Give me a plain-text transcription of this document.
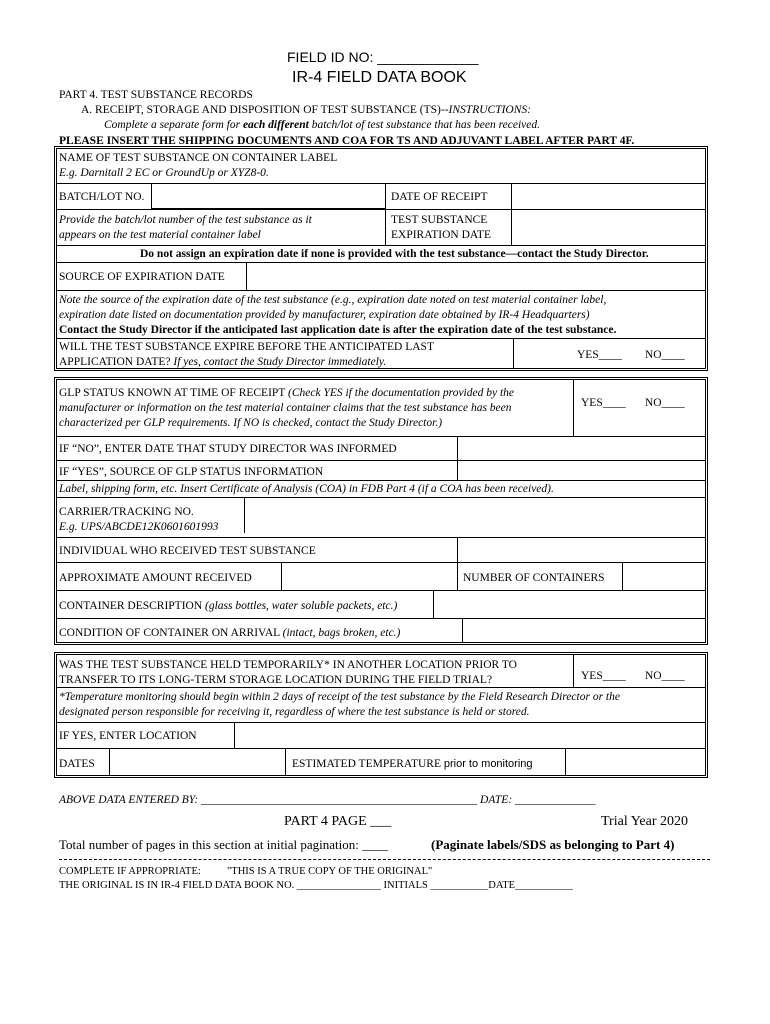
FIELD ID NO: _____________
IR-4 FIELD DATA BOOK
PART 4. TEST SUBSTANCE RECORDS
A. RECEIPT, STORAGE AND DISPOSITION OF TEST SUBSTANCE (TS)--INSTRUCTIONS:
Complete a separate form for each different batch/lot of test substance that has been received.
PLEASE INSERT THE SHIPPING DOCUMENTS AND COA FOR TS AND ADJUVANT LABEL AFTER PART 4F.
NAME OF TEST SUBSTANCE ON CONTAINER LABEL
E.g. Darnitall 2 EC or GroundUp or XYZ8-0.
BATCH/LOT NO.	DATE OF RECEIPT
Provide the batch/lot number of the test substance as it
appears on the test material container label
TEST SUBSTANCE
EXPIRATION DATE
Do not assign an expiration date if none is provided with the test substance—contact the Study Director.
SOURCE OF EXPIRATION DATE
Note the source of the expiration date of the test substance (e.g., expiration date noted on test material container label,
expiration date listed on documentation provided by manufacturer, expiration date obtained by IR-4 Headquarters)
Contact the Study Director if the anticipated last application date is after the expiration date of the test substance.
WILL THE TEST SUBSTANCE EXPIRE BEFORE THE ANTICIPATED LAST
APPLICATION DATE? If yes, contact the Study Director immediately.
YES____ NO____
GLP STATUS KNOWN AT TIME OF RECEIPT (Check YES if the documentation provided by the
manufacturer or information on the test material container claims that the test substance has been
characterized per GLP requirements. If NO is checked, contact the Study Director.)
YES____ NO____
IF “NO”, ENTER DATE THAT STUDY DIRECTOR WAS INFORMED
IF “YES”, SOURCE OF GLP STATUS INFORMATION
Label, shipping form, etc. Insert Certificate of Analysis (COA) in FDB Part 4 (if a COA has been received).
CARRIER/TRACKING NO.
E.g. UPS/ABCDE12K0601601993
INDIVIDUAL WHO RECEIVED TEST SUBSTANCE
APPROXIMATE AMOUNT RECEIVED	NUMBER OF CONTAINERS
CONTAINER DESCRIPTION (glass bottles, water soluble packets, etc.)
CONDITION OF CONTAINER ON ARRIVAL (intact, bags broken, etc.)
WAS THE TEST SUBSTANCE HELD TEMPORARILY* IN ANOTHER LOCATION PRIOR TO
TRANSFER TO ITS LONG-TERM STORAGE LOCATION DURING THE FIELD TRIAL?	YES____ NO____
*Temperature monitoring should begin within 2 days of receipt of the test substance by the Field Research Director or the
designated person responsible for receiving it, regardless of where the test substance is held or stored.
IF YES, ENTER LOCATION
DATES	ESTIMATED TEMPERATURE prior to monitoring
ABOVE DATA ENTERED BY: ________________________________________________ DATE: ______________
PART 4 PAGE ___	Trial Year 2020
Total number of pages in this section at initial pagination: ____	(Paginate labels/SDS as belonging to Part 4)
COMPLETE IF APPROPRIATE:          "THIS IS A TRUE COPY OF THE ORIGINAL"
THE ORIGINAL IS IN IR-4 FIELD DATA BOOK NO. ________________ INITIALS ___________DATE___________
